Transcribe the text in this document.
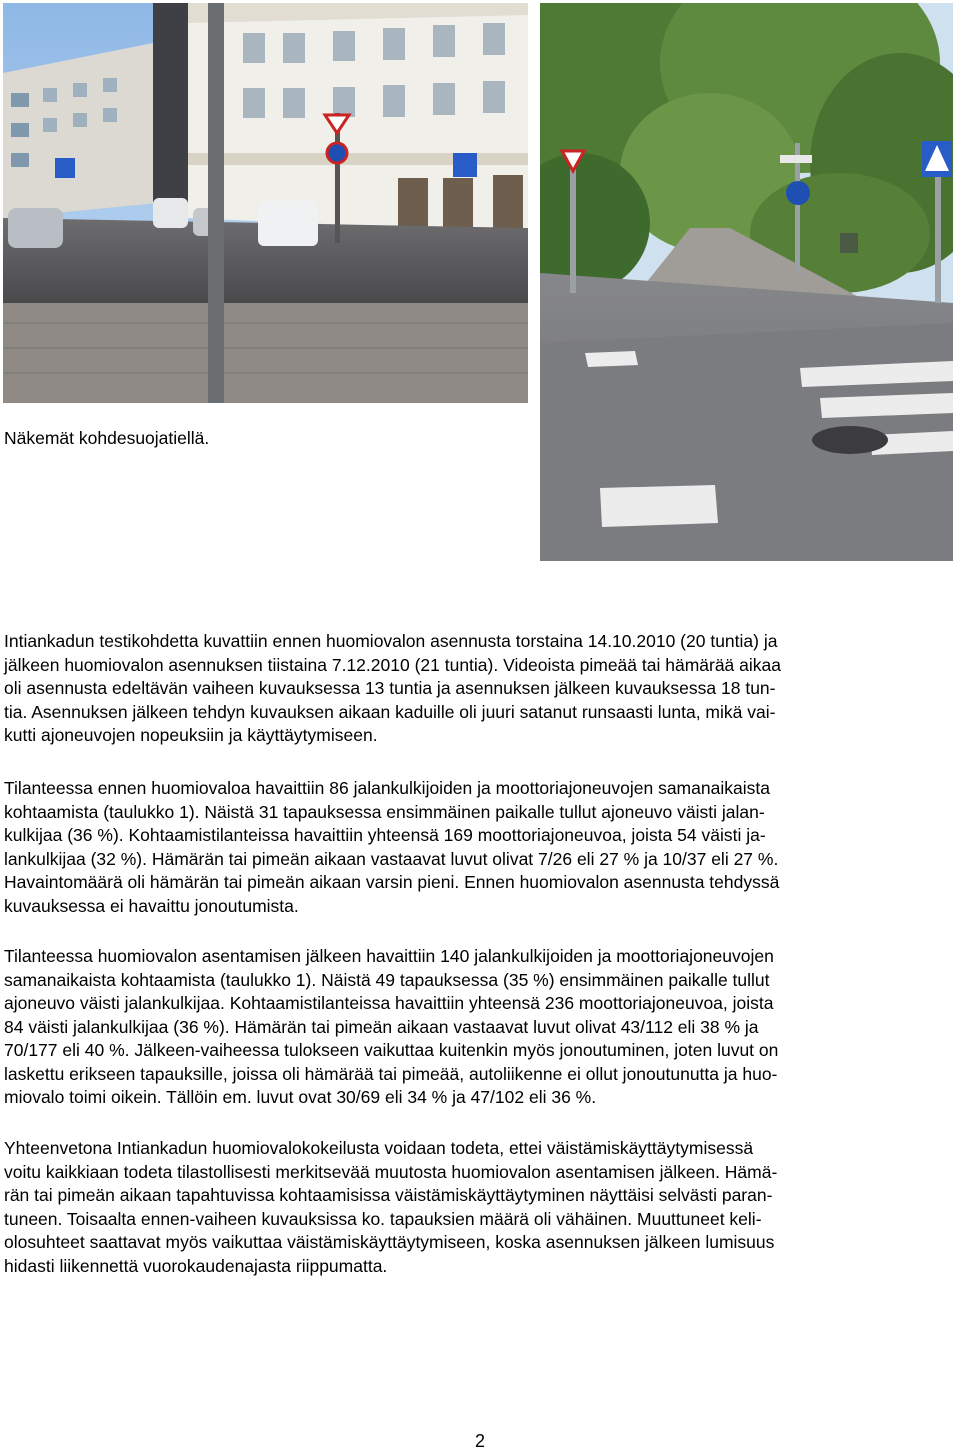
Näkemät kohdesuojatiellä.

Intiankadun testikohdetta kuvattiin ennen huomiovalon asennusta torstaina 14.10.2010 (20 tuntia) ja
jälkeen huomiovalon asennuksen tiistaina 7.12.2010 (21 tuntia). Videoista pimeää tai hämärää aikaa
oli asennusta edeltävän vaiheen kuvauksessa 13 tuntia ja asennuksen jälkeen kuvauksessa 18 tun-
tia. Asennuksen jälkeen tehdyn kuvauksen aikaan kaduille oli juuri satanut runsaasti lunta, mikä vai-
kutti ajoneuvojen nopeuksiin ja käyttäytymiseen.

Tilanteessa ennen huomiovaloa havaittiin 86 jalankulkijoiden ja moottoriajoneuvojen samanaikaista
kohtaamista (taulukko 1). Näistä 31 tapauksessa ensimmäinen paikalle tullut ajoneuvo väisti jalan-
kulkijaa (36 %). Kohtaamistilanteissa havaittiin yhteensä 169 moottoriajoneuvoa, joista 54 väisti ja-
lankulkijaa (32 %). Hämärän tai pimeän aikaan vastaavat luvut olivat 7/26 eli 27 % ja 10/37 eli 27 %.
Havaintomäärä oli hämärän tai pimeän aikaan varsin pieni. Ennen huomiovalon asennusta tehdyssä
kuvauksessa ei havaittu jonoutumista.

Tilanteessa huomiovalon asentamisen jälkeen havaittiin 140 jalankulkijoiden ja moottoriajoneuvojen
samanaikaista kohtaamista (taulukko 1). Näistä 49 tapauksessa (35 %) ensimmäinen paikalle tullut
ajoneuvo väisti jalankulkijaa. Kohtaamistilanteissa havaittiin yhteensä 236 moottoriajoneuvoa, joista
84 väisti jalankulkijaa (36 %). Hämärän tai pimeän aikaan vastaavat luvut olivat 43/112 eli 38 % ja
70/177 eli 40 %. Jälkeen-vaiheessa tulokseen vaikuttaa kuitenkin myös jonoutuminen, joten luvut on
laskettu erikseen tapauksille, joissa oli hämärää tai pimeää, autoliikenne ei ollut jonoutunutta ja huo-
miovalo toimi oikein. Tällöin em. luvut ovat 30/69 eli 34 % ja 47/102 eli 36 %.

Yhteenvetona Intiankadun huomiovalokokeilusta voidaan todeta, ettei väistämiskäyttäytymisessä
voitu kaikkiaan todeta tilastollisesti merkitsevää muutosta huomiovalon asentamisen jälkeen. Hämä-
rän tai pimeän aikaan tapahtuvissa kohtaamisissa väistämiskäyttäytyminen näyttäisi selvästi paran-
tuneen. Toisaalta ennen-vaiheen kuvauksissa ko. tapauksien määrä oli vähäinen. Muuttuneet keli-
olosuhteet saattavat myös vaikuttaa väistämiskäyttäytymiseen, koska asennuksen jälkeen lumisuus
hidasti liikennettä vuorokaudenajasta riippumatta.

2
